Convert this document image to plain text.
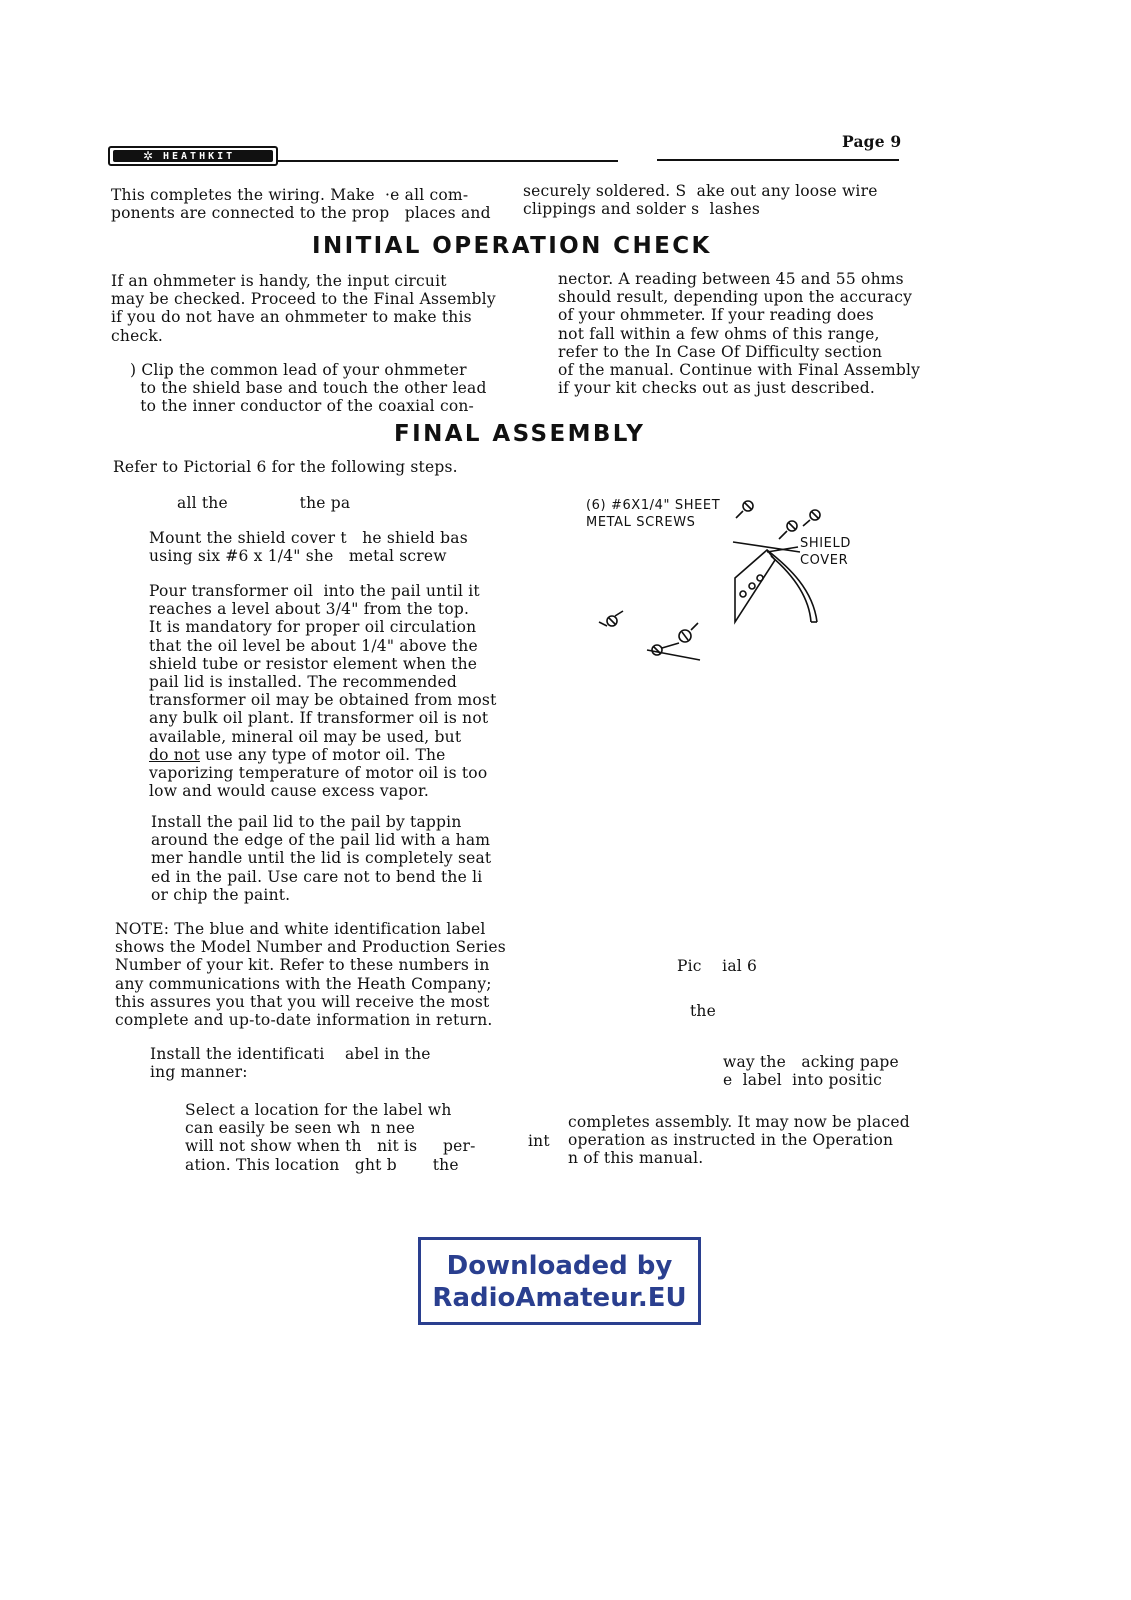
✲ HEATHKIT
Page 9
This completes the wiring. Make  ·e all com-
ponents are connected to the prop   places and
securely soldered. S  ake out any loose wire
clippings and solder s  lashes
INITIAL OPERATION CHECK
If an ohmmeter is handy, the input circuit
may be checked. Proceed to the Final Assembly
if you do not have an ohmmeter to make this
check.
) Clip the common lead of your ohmmeter
to the shield base and touch the other lead
to the inner conductor of the coaxial con-
nector. A reading between 45 and 55 ohms
should result, depending upon the accuracy
of your ohmmeter. If your reading does
not fall within a few ohms of this range,
refer to the In Case Of Difficulty section
of the manual. Continue with Final Assembly
if your kit checks out as just described.
FINAL ASSEMBLY
Refer to Pictorial 6 for the following steps.
all the              the pa
Mount the shield cover t   he shield bas
using six #6 x 1/4" she   metal screw
Pour transformer oil  into the pail until it
reaches a level about 3/4" from the top.
It is mandatory for proper oil circulation
that the oil level be about 1/4" above the
shield tube or resistor element when the
pail lid is installed. The recommended
transformer oil may be obtained from most
any bulk oil plant. If transformer oil is not
available, mineral oil may be used, but
do not use any type of motor oil. The
vaporizing temperature of motor oil is too
low and would cause excess vapor.
Install the pail lid to the pail by tappin
around the edge of the pail lid with a ham
mer handle until the lid is completely seat
ed in the pail. Use care not to bend the li
or chip the paint.
NOTE: The blue and white identification label
shows the Model Number and Production Series
Number of your kit. Refer to these numbers in
any communications with the Heath Company;
this assures you that you will receive the most
complete and up-to-date information in return.
Install the identificati    abel in the
ing manner:
Select a location for the label wh
can easily be seen wh  n nee
will not show when th   nit is     per-
ation. This location   ght b       the
the
way the   acking pape
e  label  into positic
int
completes assembly. It may now be placed
operation as instructed in the Operation
n of this manual.
(6) #6X1/4" SHEET
METAL SCREWS
SHIELD
COVER
Pic    ial 6
Downloaded by
RadioAmateur.EU
